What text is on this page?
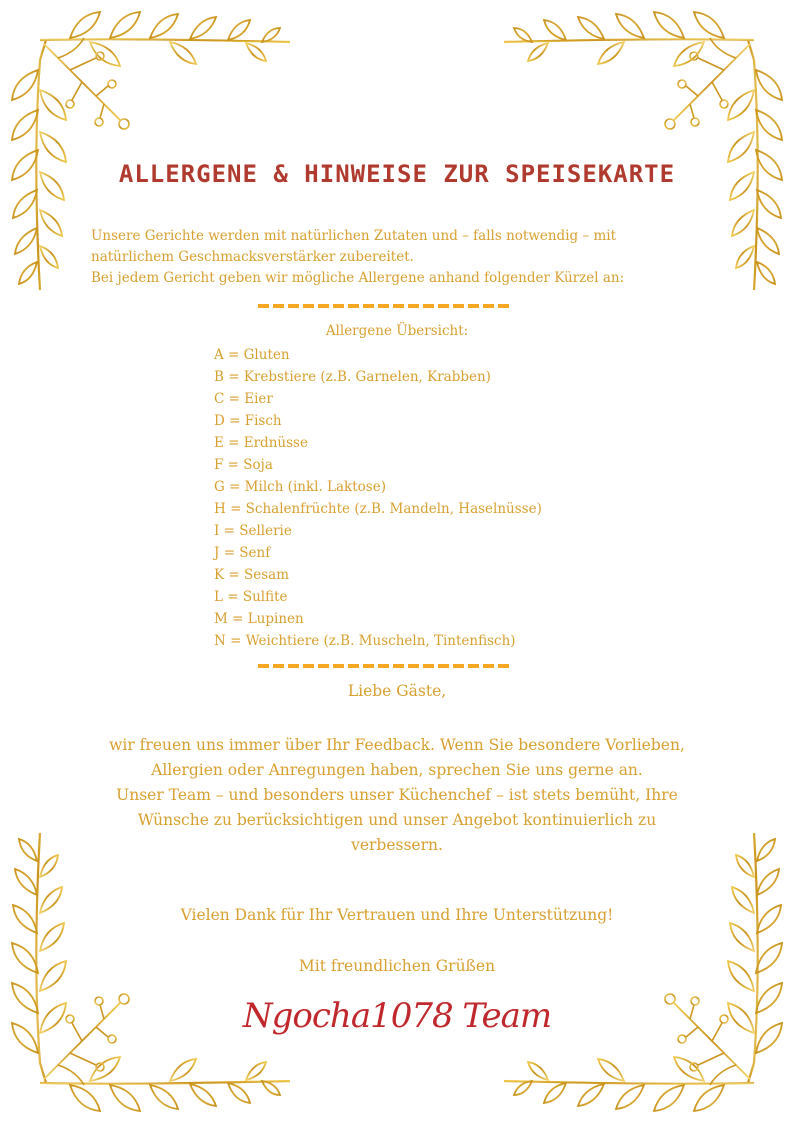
ALLERGENE & HINWEISE ZUR SPEISEKARTE
Unsere Gerichte werden mit natürlichen Zutaten und – falls notwendig – mit
natürlichem Geschmacksverstärker zubereitet.
Bei jedem Gericht geben wir mögliche Allergene anhand folgender Kürzel an:
Allergene Übersicht:
A = Gluten
B = Krebstiere (z.B. Garnelen, Krabben)
C = Eier
D = Fisch
E = Erdnüsse
F = Soja
G = Milch (inkl. Laktose)
H = Schalenfrüchte (z.B. Mandeln, Haselnüsse)
I = Sellerie
J = Senf
K = Sesam
L = Sulfite
M = Lupinen
N = Weichtiere (z.B. Muscheln, Tintenfisch)
Liebe Gäste,

wir freuen uns immer über Ihr Feedback. Wenn Sie besondere Vorlieben, Allergien oder Anregungen haben, sprechen Sie uns gerne an.

Unser Team – und besonders unser Küchenchef – ist stets bemüht, Ihre Wünsche zu berücksichtigen und unser Angebot kontinuierlich zu verbessern.

Vielen Dank für Ihr Vertrauen und Ihre Unterstützung!
Mit freundlichen Grüßen
Ngocha1078 Team
